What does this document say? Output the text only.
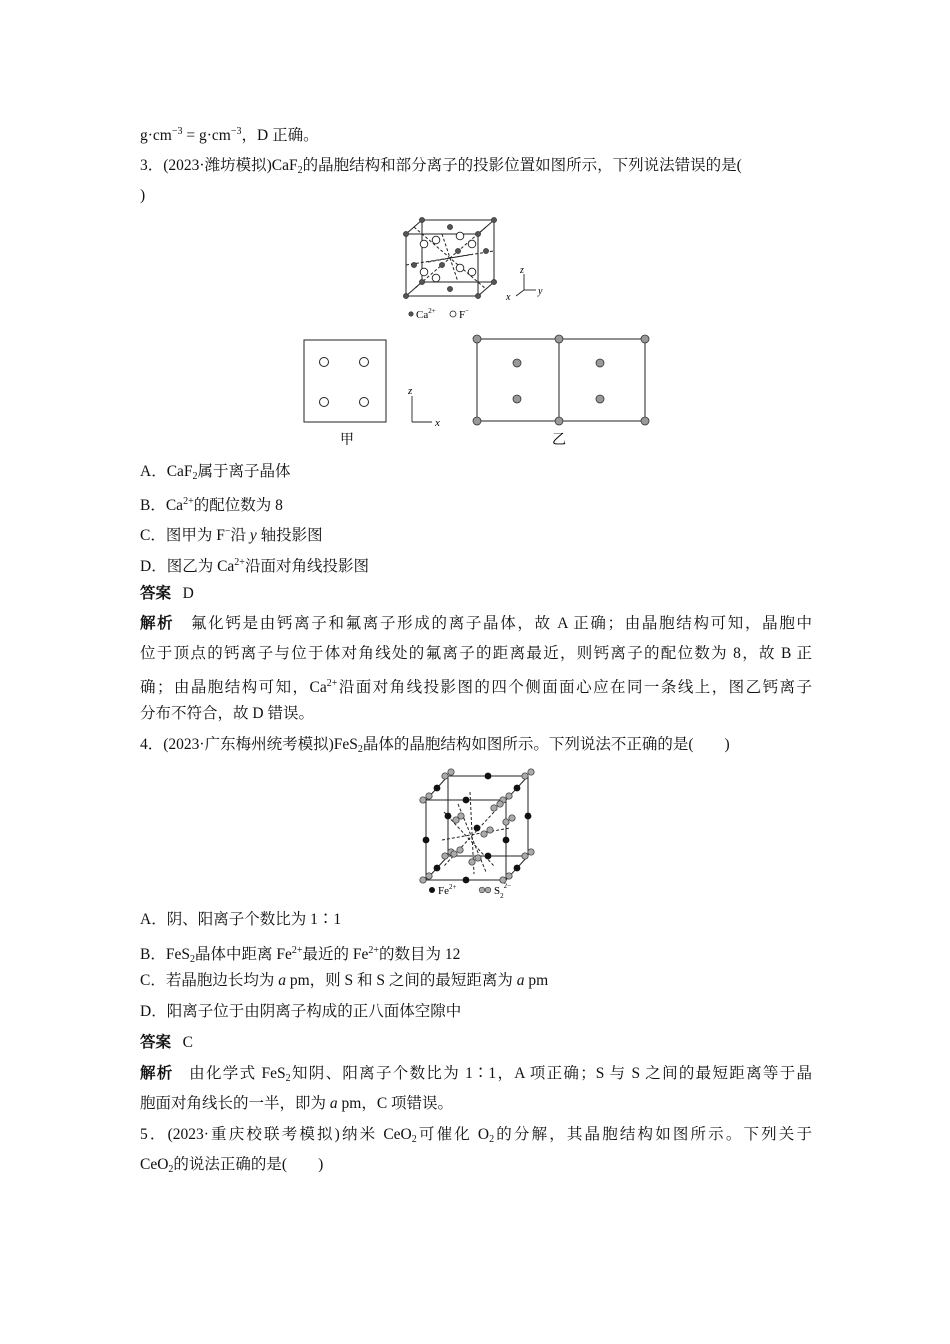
$g\cdot cm^{-3} = g\cdot cm^{-3}$，D 正确。
3．(2023·潍坊模拟)CaF$_2$的晶胞结构和部分离子的投影位置如图所示，下列说法错误的是(
)
z
y
x
$Ca^{2+}$ F−
z
x
甲	乙
A．CaF$_2$属于离子晶体
B．$Ca^{2+}$的配位数为 8
C．图甲为 F−沿 y 轴投影图
D．图乙为 $Ca^{2+}$沿面对角线投影图
答案 D
解析 氟化钙是由钙离子和氟离子形成的离子晶体，故 A 正确；由晶胞结构可知，晶胞中
位于顶点的钙离子与位于体对角线处的氟离子的距离最近，则钙离子的配位数为 8，故 B 正
确；由晶胞结构可知，$Ca^{2+}$沿面对角线投影图的四个侧面面心应在同一条线上，图乙钙离子
分布不符合，故 D 错误。
4．(2023·广东梅州统考模拟)FeS$_2$晶体的晶胞结构如图所示。下列说法不正确的是(　　)
$Fe^{2+}$	$S_2^{2-}$
A．阴、阳离子个数比为 1∶1
B．FeS$_2$晶体中距离 $Fe^{2+}$最近的 $Fe^{2+}$的数目为 12
C．若晶胞边长均为 a pm，则 S 和 S 之间的最短距离为 a pm
D．阳离子位于由阴离子构成的正八面体空隙中
答案 C
解析 由化学式 FeS$_2$知阴、阳离子个数比为 1∶1，A 项正确；S 与 S 之间的最短距离等于晶
胞面对角线长的一半，即为 a pm，C 项错误。
5．(2023·重庆校联考模拟)纳米 CeO$_2$可催化 $O_2$的分解，其晶胞结构如图所示。下列关于
CeO$_2$的说法正确的是(　　)
